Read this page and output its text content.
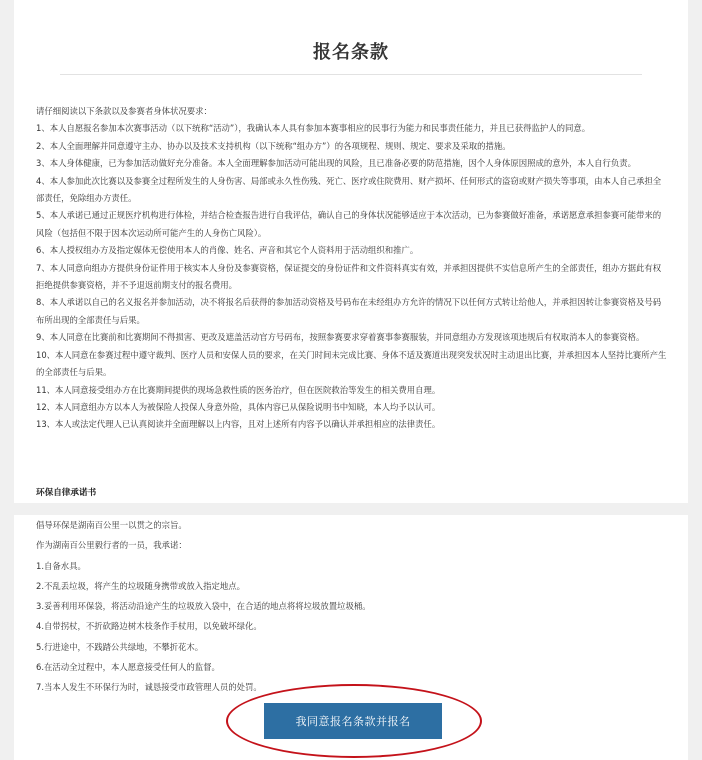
报名条款

请仔细阅读以下条款以及参赛者身体状况要求：

1、本人自愿报名参加本次赛事活动（以下统称“活动”），我确认本人具有参加本赛事相应的民事行为能力和民事责任能力，并且已获得监护人的同意。

2、本人全面理解并同意遵守主办、协办以及技术支持机构（以下统称“组办方”）的各项规程、规则、规定、要求及采取的措施。

3、本人身体健康，已为参加活动做好充分准备。本人全面理解参加活动可能出现的风险，且已准备必要的防范措施，因个人身体原因照成的意外，本人自行负责。

4、本人参加此次比赛以及参赛全过程所发生的人身伤害、局部或永久性伤残、死亡、医疗或住院费用、财产损坏、任何形式的盗窃或财产损失等事项，由本人自己承担全部责任，免除组办方责任。

5、本人承诺已通过正规医疗机构进行体检，并结合检查报告进行自我评估，确认自己的身体状况能够适应于本次活动，已为参赛做好准备，承诺愿意承担参赛可能带来的风险（包括但不限于因本次运动所可能产生的人身伤亡风险）。

6、本人授权组办方及指定媒体无偿使用本人的肖像、姓名、声音和其它个人资料用于活动组织和推广。

7、本人同意向组办方提供身份证件用于核实本人身份及参赛资格，保证提交的身份证件和文件资料真实有效，并承担因提供不实信息所产生的全部责任，组办方据此有权拒绝提供参赛资格，并不予退返前期支付的报名费用。

8、本人承诺以自己的名义报名并参加活动，决不将报名后获得的参加活动资格及号码布在未经组办方允许的情况下以任何方式转让给他人，并承担因转让参赛资格及号码布所出现的全部责任与后果。

9、本人同意在比赛前和比赛期间不得损害、更改及遮盖活动官方号码布，按照参赛要求穿着赛事参赛服装，并同意组办方发现该项违规后有权取消本人的参赛资格。

10、本人同意在参赛过程中遵守裁判、医疗人员和安保人员的要求，在关门时间未完成比赛、身体不适及赛道出现突发状况时主动退出比赛，并承担因本人坚持比赛所产生的全部责任与后果。

11、本人同意接受组办方在比赛期间提供的现场急救性质的医务治疗，但在医院救治等发生的相关费用自理。

12、本人同意组办方以本人为被保险人投保人身意外险，具体内容已从保险说明书中知晓，本人均予以认可。

13、本人或法定代理人已认真阅读并全面理解以上内容，且对上述所有内容予以确认并承担相应的法律责任。

环保自律承诺书

倡导环保是湖南百公里一以贯之的宗旨。

作为湖南百公里毅行者的一员，我承诺：

1.自备水具。

2.不乱丢垃圾，将产生的垃圾随身携带或放入指定地点。

3.妥善利用环保袋，将活动沿途产生的垃圾放入袋中，在合适的地点将将垃圾放置垃圾桶。

4.自带拐杖，不折砍路边树木枝条作手杖用，以免破坏绿化。

5.行进途中，不践踏公共绿地，不攀折花木。

6.在活动全过程中，本人愿意接受任何人的监督。

7.当本人发生不环保行为时，诚恳接受市政管理人员的处罚。

我同意报名条款并报名
